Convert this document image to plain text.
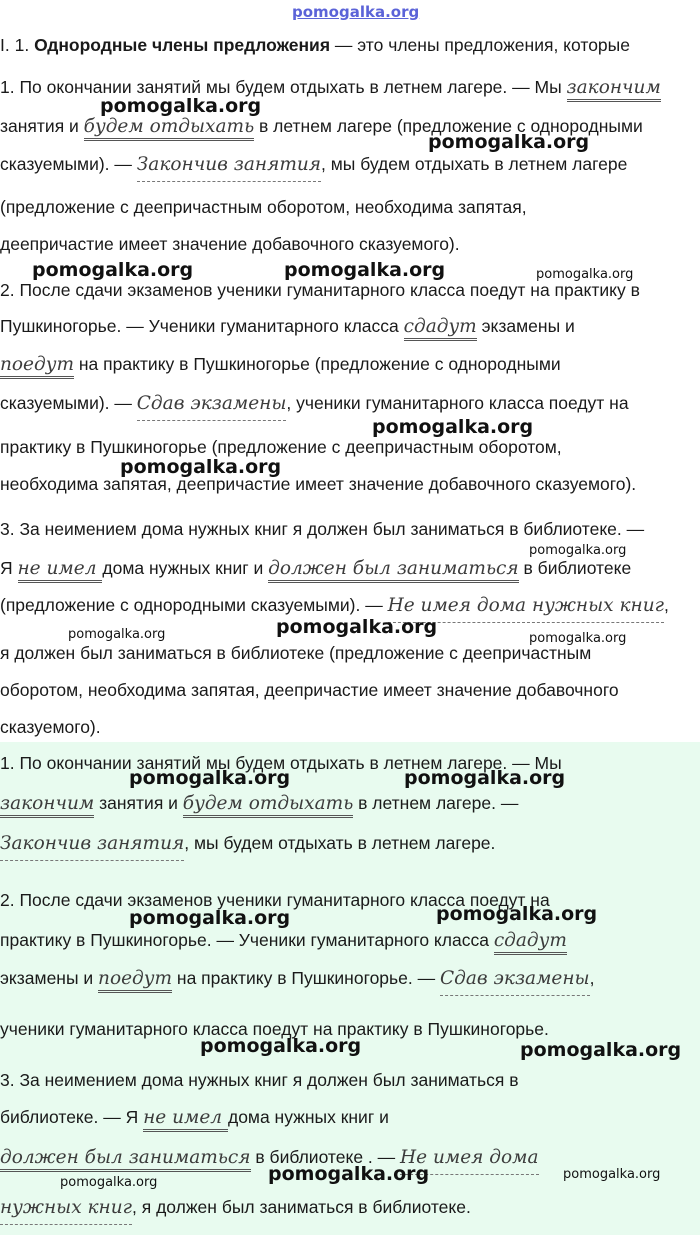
pomogalka.org
I. 1. Однородные члены предложения — это члены предложения, которые
1. По окончании занятий мы будем отдыхать в летнем лагере. — Мы закончим
занятия и будем отдыхать в летнем лагере (предложение с однородными
сказуемыми). — Закончив занятия, мы будем отдыхать в летнем лагере
(предложение с деепричастным оборотом, необходима запятая,
деепричастие имеет значение добавочного сказуемого).
2. После сдачи экзаменов ученики гуманитарного класса поедут на практику в
Пушкиногорье. — Ученики гуманитарного класса сдадут экзамены и
поедут на практику в Пушкиногорье (предложение с однородными
сказуемыми). — Сдав экзамены, ученики гуманитарного класса поедут на
практику в Пушкиногорье (предложение с деепричастным оборотом,
необходима запятая, деепричастие имеет значение добавочного сказуемого).
3. За неимением дома нужных книг я должен был заниматься в библиотеке. —
Я не имел дома нужных книг и должен был заниматься в библиотеке
(предложение с однородными сказуемыми). — Не имея дома нужных книг,
я должен был заниматься в библиотеке (предложение с деепричастным
оборотом, необходима запятая, деепричастие имеет значение добавочного
сказуемого).
1. По окончании занятий мы будем отдыхать в летнем лагере. — Мы
закончим занятия и будем отдыхать в летнем лагере. —
Закончив занятия, мы будем отдыхать в летнем лагере.
2. После сдачи экзаменов ученики гуманитарного класса поедут на
практику в Пушкиногорье. — Ученики гуманитарного класса сдадут
экзамены и поедут на практику в Пушкиногорье. — Сдав экзамены,
ученики гуманитарного класса поедут на практику в Пушкиногорье.
3. За неимением дома нужных книг я должен был заниматься в
библиотеке. — Я не имел дома нужных книг и
должен был заниматься в библиотеке . — Не имея дома
нужных книг, я должен был заниматься в библиотеке.
pomogalka.org
pomogalka.org
pomogalka.org	pomogalka.org	pomogalka.org
pomogalka.org
pomogalka.org
pomogalka.org
pomogalka.org
pomogalka.org	pomogalka.org
pomogalka.org	pomogalka.org
pomogalka.org	pomogalka.org
pomogalka.org	pomogalka.org
pomogalka.org	pomogalka.org
pomogalka.org
